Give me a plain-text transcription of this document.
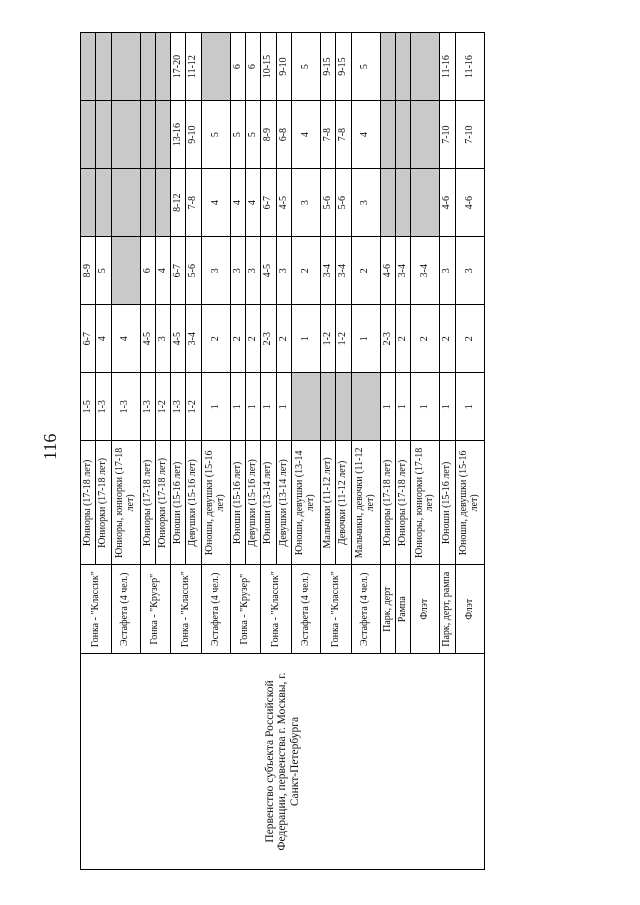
116
Первенство субъекта Российской Федерации, первенства г. Москвы, г. Санкт-Петербурга	Гонка - "Классик"	Юниоры (17-18 лет)	1-5	6-7	8-9			
		Юниорки (17-18 лет)	1-3	4	5			
	Эстафета (4 чел.)	Юниоры, юниорки (17-18 лет)	1-3	4				
	Гонка - "Крузер"	Юниоры (17-18 лет)	1-3	4-5	6			
		Юниорки (17-18 лет)	1-2	3	4			
	Гонка - "Классик"	Юноши (15-16 лет)	1-3	4-5	6-7	8-12	13-16	17-20
		Девушки (15-16 лет)	1-2	3-4	5-6	7-8	9-10	11-12
	Эстафета (4 чел.)	Юноши, девушки (15-16 лет)	1	2	3	4	5	
	Гонка - "Крузер"	Юноши (15-16 лет)	1	2	3	4	5	6
		Девушки (15-16 лет)	1	2	3	4	5	6
	Гонка - "Классик"	Юноши (13-14 лет)	1	2-3	4-5	6-7	8-9	10-15
		Девушки (13-14 лет)	1	2	3	4-5	6-8	9-10
	Эстафета (4 чел.)	Юноши, девушки (13-14 лет)		1	2	3	4	5
	Гонка - "Классик"	Мальчики (11-12 лет)		1-2	3-4	5-6	7-8	9-15
		Девочки (11-12 лет)		1-2	3-4	5-6	7-8	9-15
	Эстафета (4 чел.)	Мальчики, девочки (11-12 лет)		1	2	3	4	5
	Парк, дерт	Юниоры (17-18 лет)	1	2-3	4-6			
	Рампа	Юниоры (17-18 лет)	1	2	3-4			
	Флэт	Юниоры, юниорки (17-18 лет)	1	2	3-4			
	Парк, дерт, рампа	Юноши (15-16 лет)	1	2	3	4-6	7-10	11-16
	Флэт	Юноши, девушки (15-16 лет)	1	2	3	4-6	7-10	11-16
